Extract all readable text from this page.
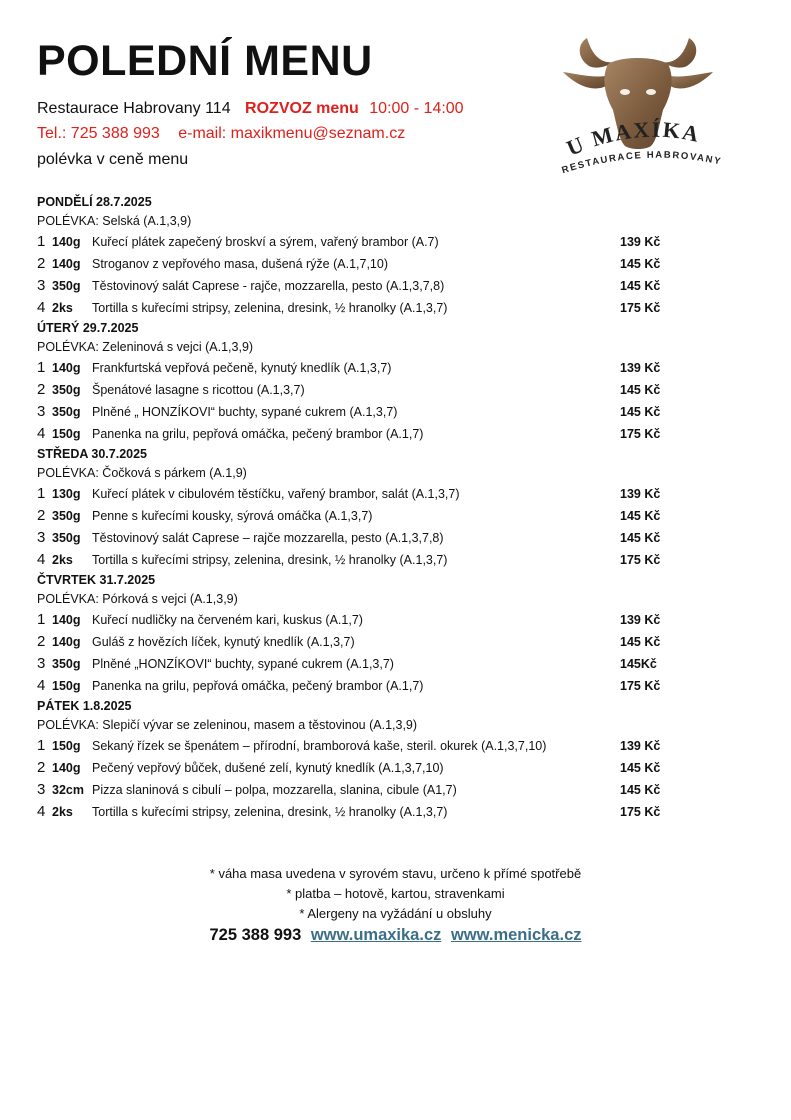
POLEDNÍ MENU
Restaurace Habrovany 114 ROZVOZ menu 10:00 - 14:00
Tel.: 725 388 993 e-mail: maxikmenu@seznam.cz
polévka v ceně menu	U MAXÍKA
RESTAURACE HABROVANY
PONDĚLÍ 28.7.2025
POLÉVKA: Selská (A.1,3,9)
1 140g Kuřecí plátek zapečený broskví a sýrem, vařený brambor (A.7)	139 Kč
2 140g Stroganov z vepřového masa, dušená rýže (A.1,7,10)	145 Kč
3 350g Těstovinový salát Caprese - rajče, mozzarella, pesto (A.1,3,7,8)	145 Kč
4 2ks Tortilla s kuřecími stripsy, zelenina, dresink, ½ hranolky (A.1,3,7)	175 Kč
ÚTERÝ 29.7.2025
POLÉVKA: Zeleninová s vejci (A.1,3,9)
1 140g Frankfurtská vepřová pečeně, kynutý knedlík (A.1,3,7)	139 Kč
2 350g Špenátové lasagne s ricottou (A.1,3,7)	145 Kč
3 350g Plněné „ HONZÍKOVI“ buchty, sypané cukrem (A.1,3,7)	145 Kč
4 150g Panenka na grilu, pepřová omáčka, pečený brambor (A.1,7)	175 Kč
STŘEDA 30.7.2025
POLÉVKA: Čočková s párkem (A.1,9)
1 130g Kuřecí plátek v cibulovém těstíčku, vařený brambor, salát (A.1,3,7)	139 Kč
2 350g Penne s kuřecími kousky, sýrová omáčka (A.1,3,7)	145 Kč
3 350g Těstovinový salát Caprese – rajče mozzarella, pesto (A.1,3,7,8)	145 Kč
4 2ks Tortilla s kuřecími stripsy, zelenina, dresink, ½ hranolky (A.1,3,7)	175 Kč
ČTVRTEK 31.7.2025
POLÉVKA: Pórková s vejci (A.1,3,9)
1 140g Kuřecí nudličky na červeném kari, kuskus (A.1,7)	139 Kč
2 140g Guláš z hovězích líček, kynutý knedlík (A.1,3,7)	145 Kč
3 350g Plněné „HONZÍKOVI“ buchty, sypané cukrem (A.1,3,7)	145Kč
4 150g Panenka na grilu, pepřová omáčka, pečený brambor (A.1,7)	175 Kč
PÁTEK 1.8.2025
POLÉVKA: Slepičí vývar se zeleninou, masem a těstovinou (A.1,3,9)
1 150g Sekaný řízek se špenátem – přírodní, bramborová kaše, steril. okurek (A.1,3,7,10)	139 Kč
2 140g Pečený vepřový bůček, dušené zelí, kynutý knedlík (A.1,3,7,10)	145 Kč
3 32cm Pizza slaninová s cibulí – polpa, mozzarella, slanina, cibule (A1,7)	145 Kč
4 2ks Tortilla s kuřecími stripsy, zelenina, dresink, ½ hranolky (A.1,3,7)	175 Kč
* váha masa uvedena v syrovém stavu, určeno k přímé spotřebě
* platba – hotově, kartou, stravenkami
* Alergeny na vyžádání u obsluhy
725 388 993 www.umaxika.cz www.menicka.cz
